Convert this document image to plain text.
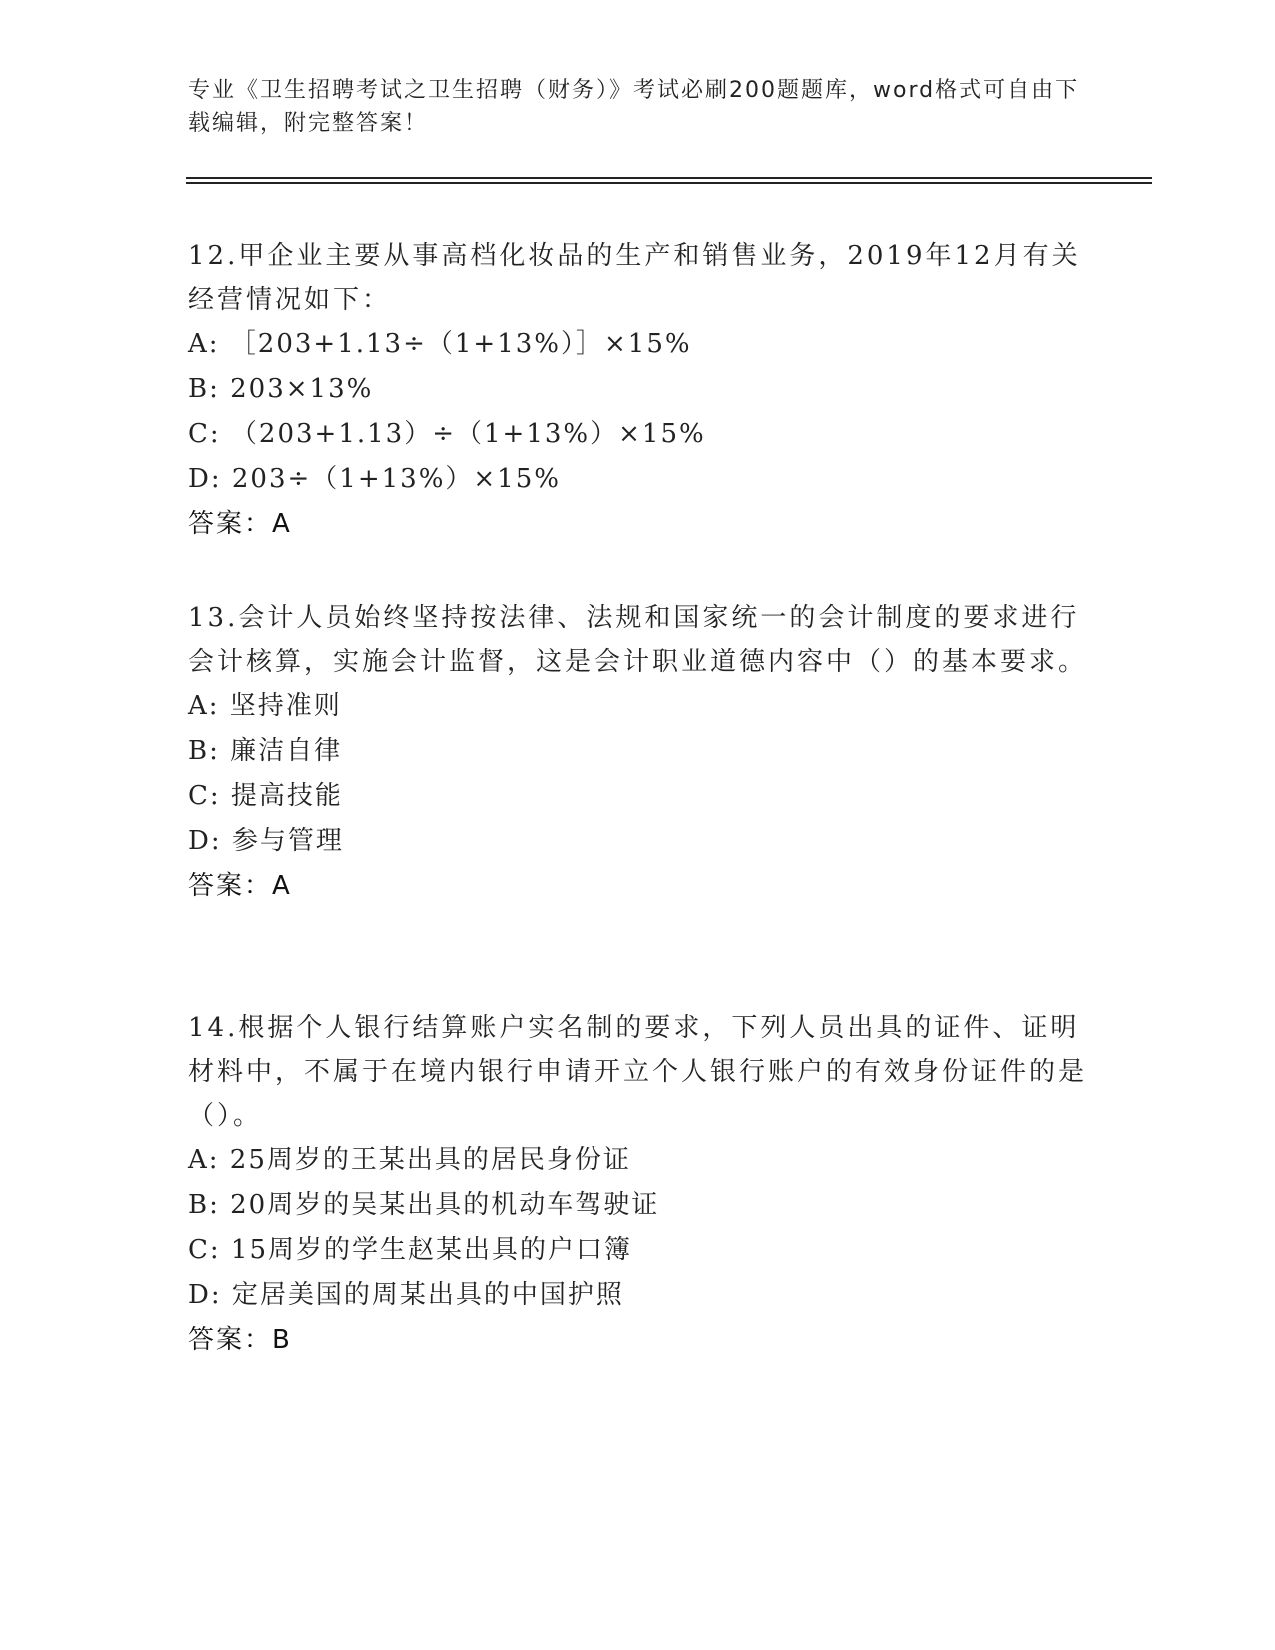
专业《卫生招聘考试之卫生招聘（财务）》考试必刷200题题库，word格式可自由下载编辑，附完整答案！

12.甲企业主要从事高档化妆品的生产和销售业务，2019年12月有关经营情况如下：

A: ［203+1.13÷（1+13%）］×15%
B: 203×13%
C: （203+1.13）÷（1+13%）×15%
D: 203÷（1+13%）×15%
答案：A

13.会计人员始终坚持按法律、法规和国家统一的会计制度的要求进行会计核算，实施会计监督，这是会计职业道德内容中（）的基本要求。

A: 坚持准则
B: 廉洁自律
C: 提高技能
D: 参与管理
答案：A

14.根据个人银行结算账户实名制的要求，下列人员出具的证件、证明材料中，不属于在境内银行申请开立个人银行账户的有效身份证件的是（）。

A: 25周岁的王某出具的居民身份证
B: 20周岁的吴某出具的机动车驾驶证
C: 15周岁的学生赵某出具的户口簿
D: 定居美国的周某出具的中国护照
答案：B
